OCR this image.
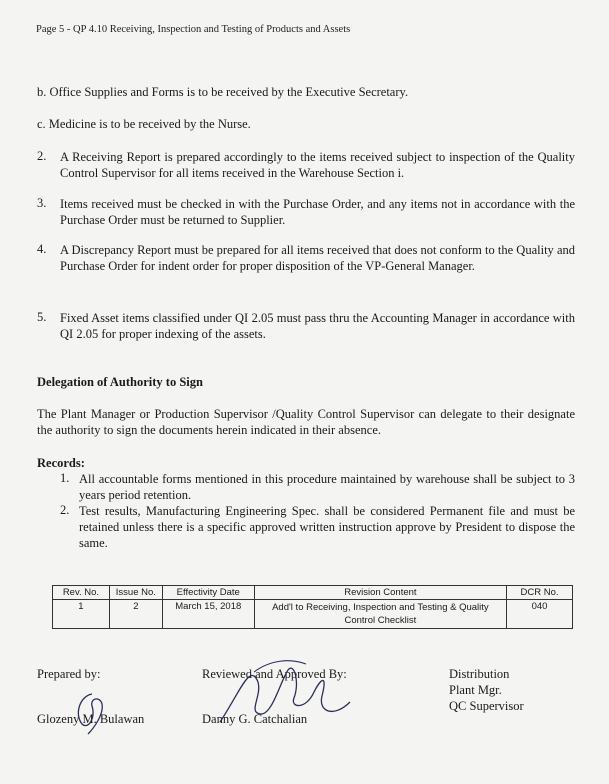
Page 5 - QP 4.10 Receiving, Inspection and Testing of Products and Assets
b. Office Supplies and Forms is to be received by the Executive Secretary.
c. Medicine is to be received by the Nurse.
2. A Receiving Report is prepared accordingly to the items received subject to inspection of the Quality Control Supervisor for all items received in the Warehouse Section i.
3. Items received must be checked in with the Purchase Order, and any items not in accordance with the Purchase Order must be returned to Supplier.
4. A Discrepancy Report must be prepared for all items received that does not conform to the Quality and Purchase Order for indent order for proper disposition of the VP-General Manager.
5. Fixed Asset items classified under QI 2.05 must pass thru the Accounting Manager in accordance with QI 2.05 for proper indexing of the assets.
Delegation of Authority to Sign
The Plant Manager or Production Supervisor /Quality Control Supervisor can delegate to their designate the authority to sign the documents herein indicated in their absence.
Records:
1. All accountable forms mentioned in this procedure maintained by warehouse shall be subject to 3 years period retention.
2. Test results, Manufacturing Engineering Spec. shall be considered Permanent file and must be retained unless there is a specific approved written instruction approve by President to dispose the same.
Rev. No.	Issue No.	Effectivity Date	Revision Content	DCR No.
1	2	March 15, 2018	Add'l to Receiving, Inspection and Testing & Quality Control Checklist	040
Prepared by:
Glozeny M. Bulawan
Reviewed and Approved By:
Danny G. Catchalian
Distribution
Plant Mgr.
QC Supervisor
